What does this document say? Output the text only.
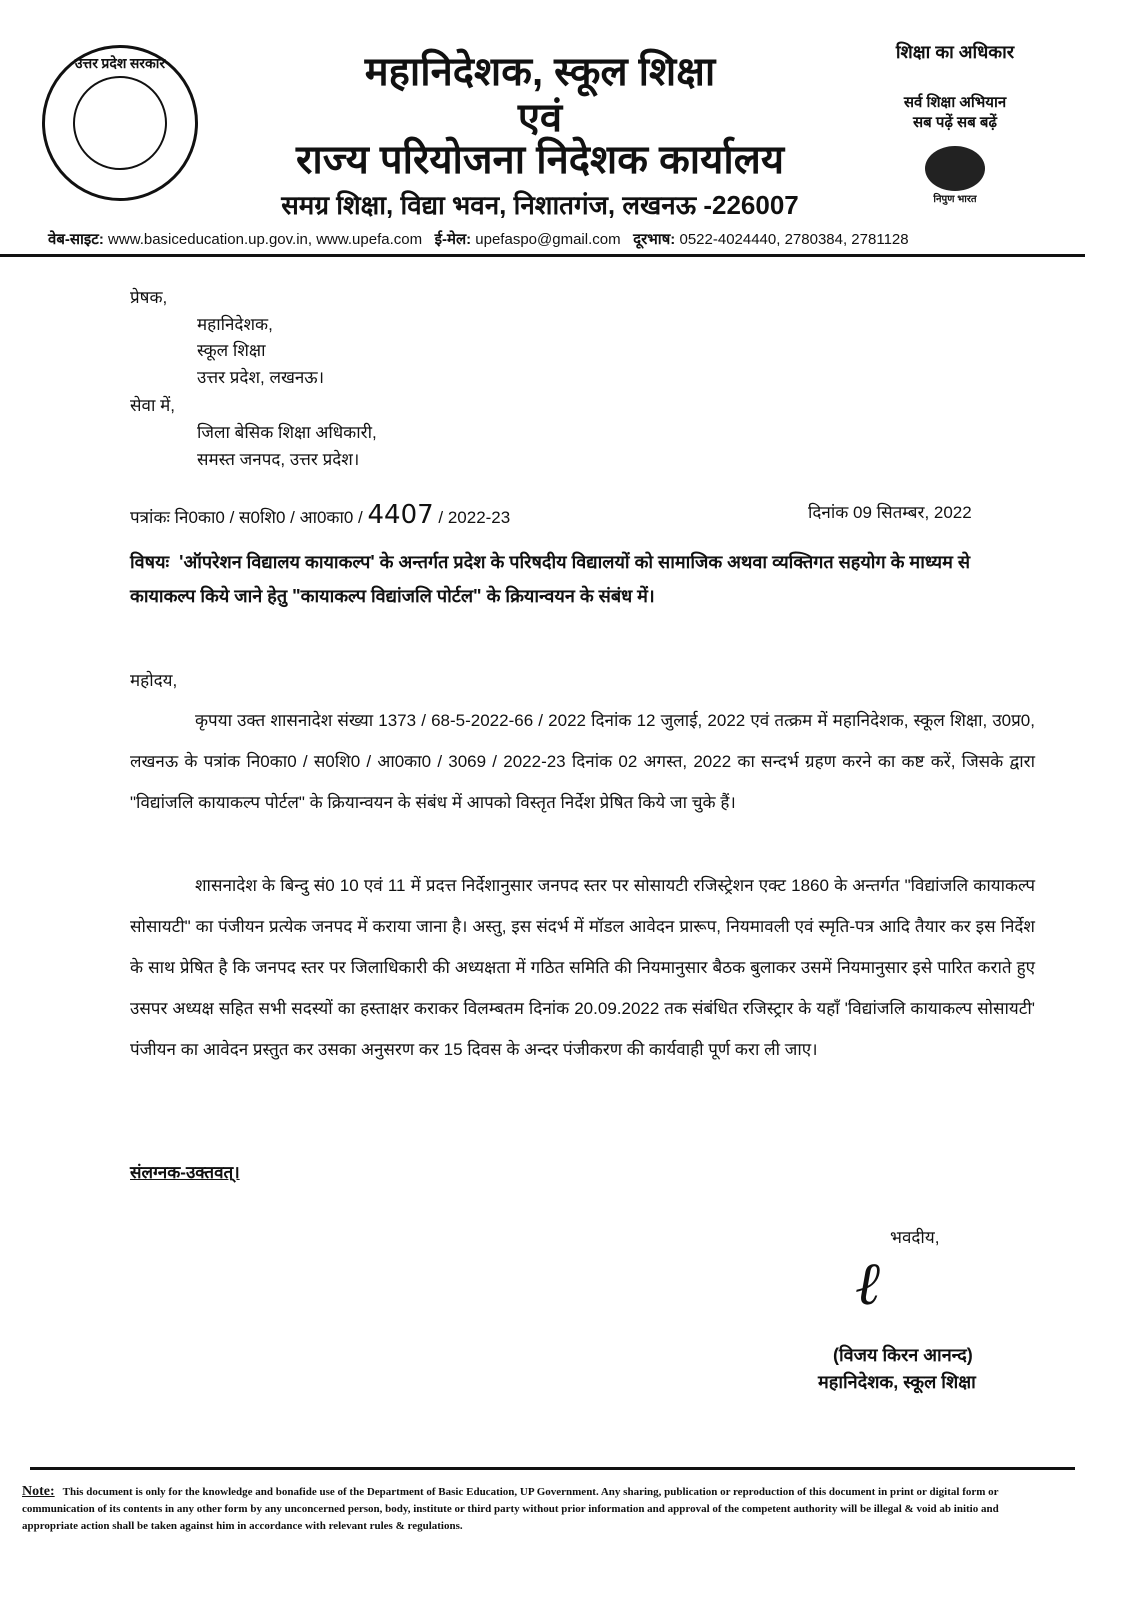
उत्तर प्रदेश सरकार	महानिदेशक, स्कूल शिक्षा
एवं
राज्य परियोजना निदेशक कार्यालय
समग्र शिक्षा, विद्या भवन, निशातगंज, लखनऊ -226007
शिक्षा का अधिकार
सर्व शिक्षा अभियान
सब पढ़ें सब बढ़ें
निपुण भारत
वेब-साइट: www.basiceducation.up.gov.in, www.upefa.com ई-मेल: upefaspo@gmail.com दूरभाष: 0522-4024440, 2780384, 2781128
प्रेषक,
महानिदेशक,
स्कूल शिक्षा
उत्तर प्रदेश, लखनऊ।
सेवा में,
जिला बेसिक शिक्षा अधिकारी,
समस्त जनपद, उत्तर प्रदेश।
पत्रांकः नि0का0 / स0शि0 / आ0का0 / 4407 / 2022-23	दिनांक 09 सितम्बर, 2022
विषयः 'ऑपरेशन विद्यालय कायाकल्प' के अन्तर्गत प्रदेश के परिषदीय विद्यालयों को सामाजिक अथवा व्यक्तिगत सहयोग के माध्यम से कायाकल्प किये जाने हेतु "कायाकल्प विद्यांजलि पोर्टल" के क्रियान्वयन के संबंध में।
महोदय,
कृपया उक्त शासनादेश संख्या 1373 / 68-5-2022-66 / 2022 दिनांक 12 जुलाई, 2022 एवं तत्क्रम में महानिदेशक, स्कूल शिक्षा, उ0प्र0, लखनऊ के पत्रांक नि0का0 / स0शि0 / आ0का0 / 3069 / 2022-23 दिनांक 02 अगस्त, 2022 का सन्दर्भ ग्रहण करने का कष्ट करें, जिसके द्वारा "विद्यांजलि कायाकल्प पोर्टल" के क्रियान्वयन के संबंध में आपको विस्तृत निर्देश प्रेषित किये जा चुके हैं।
शासनादेश के बिन्दु सं0 10 एवं 11 में प्रदत्त निर्देशानुसार जनपद स्तर पर सोसायटी रजिस्ट्रेशन एक्ट 1860 के अन्तर्गत "विद्यांजलि कायाकल्प सोसायटी" का पंजीयन प्रत्येक जनपद में कराया जाना है। अस्तु, इस संदर्भ में मॉडल आवेदन प्रारूप, नियमावली एवं स्मृति-पत्र आदि तैयार कर इस निर्देश के साथ प्रेषित है कि जनपद स्तर पर जिलाधिकारी की अध्यक्षता में गठित समिति की नियमानुसार बैठक बुलाकर उसमें नियमानुसार इसे पारित कराते हुए उसपर अध्यक्ष सहित सभी सदस्यों का हस्ताक्षर कराकर विलम्बतम दिनांक 20.09.2022 तक संबंधित रजिस्ट्रार के यहाँ 'विद्यांजलि कायाकल्प सोसायटी' पंजीयन का आवेदन प्रस्तुत कर उसका अनुसरण कर 15 दिवस के अन्दर पंजीकरण की कार्यवाही पूर्ण करा ली जाए।
संलग्नक-उक्तवत्।
भवदीय,
ℓ
(विजय किरन आनन्द)
महानिदेशक, स्कूल शिक्षा
Note: This document is only for the knowledge and bonafide use of the Department of Basic Education, UP Government. Any sharing, publication or reproduction of this document in print or digital form or communication of its contents in any other form by any unconcerned person, body, institute or third party without prior information and approval of the competent authority will be illegal & void ab initio and appropriate action shall be taken against him in accordance with relevant rules & regulations.
